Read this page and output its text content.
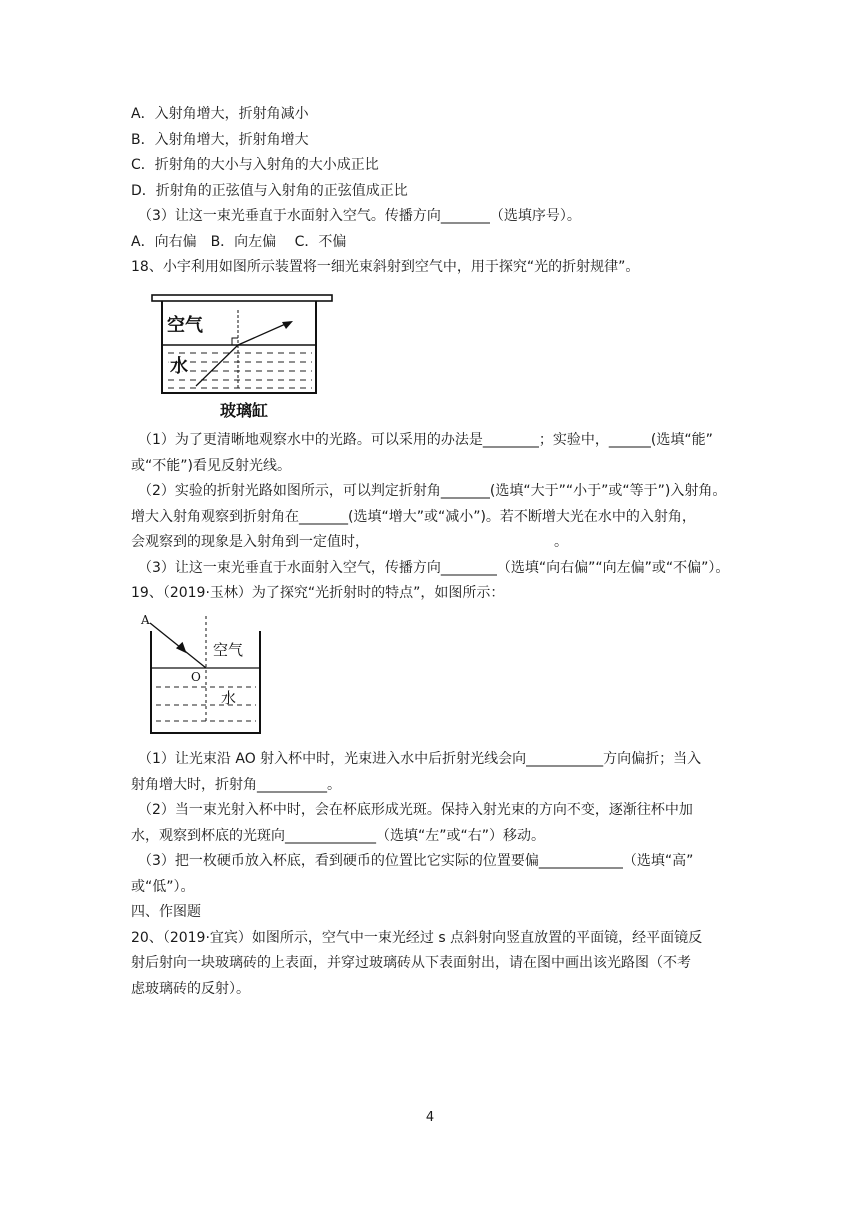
A．入射角增大，折射角减小
B．入射角增大，折射角增大
C．折射角的大小与入射角的大小成正比
D．折射角的正弦值与入射角的正弦值成正比
（3）让这一束光垂直于水面射入空气。传播方向_______（选填序号）。
A．向右偏　B．向左偏　 C．不偏
18、小宇利用如图所示装置将一细光束斜射到空气中，用于探究“光的折射规律”。
空气
水
玻璃缸
（1）为了更清晰地观察水中的光路。可以采用的办法是________；实验中，______(选填“能”
或“不能”)看见反射光线。
（2）实验的折射光路如图所示，可以判定折射角_______(选填“大于”“小于”或“等于”)入射角。
增大入射角观察到折射角在_______(选填“增大”或“减小”)。若不断增大光在水中的入射角，
会观察到的现象是入射角到一定值时，	。
（3）让这一束光垂直于水面射入空气，传播方向________（选填“向右偏”“向左偏”或“不偏”）。
19、（2019·玉林）为了探究“光折射时的特点”，如图所示：
A
O
空气
水
（1）让光束沿 AO 射入杯中时，光束进入水中后折射光线会向___________方向偏折；当入
射角增大时，折射角__________。
（2）当一束光射入杯中时，会在杯底形成光斑。保持入射光束的方向不变，逐渐往杯中加
水，观察到杯底的光斑向_____________（选填“左”或“右”）移动。
（3）把一枚硬币放入杯底，看到硬币的位置比它实际的位置要偏____________（选填“高”
或“低”）。
四、作图题
20、（2019·宜宾）如图所示，空气中一束光经过 s 点斜射向竖直放置的平面镜，经平面镜反
射后射向一块玻璃砖的上表面，并穿过玻璃砖从下表面射出，请在图中画出该光路图（不考
虑玻璃砖的反射）。
4
